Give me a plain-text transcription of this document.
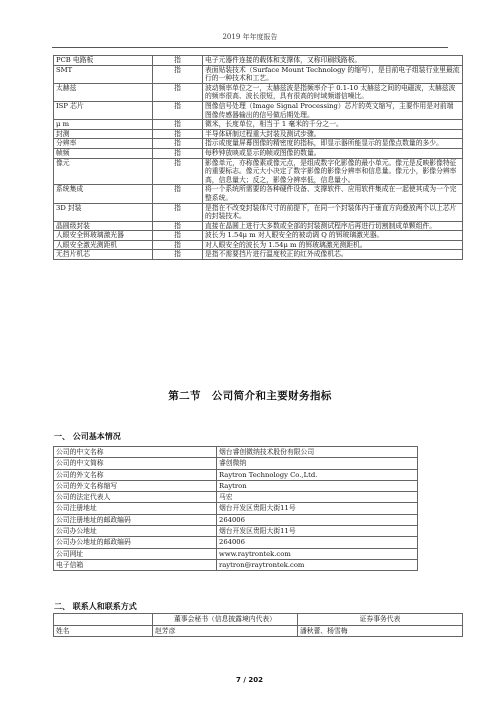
2019 年年度报告
PCB 电路板	指	电子元器件连接的载体和支撑体，又称印刷线路板。
SMT	指	表面贴装技术（Surface Mount Technology 的缩写），是目前电子组装行业里最流行的一种技术和工艺。
太赫兹	指	波动频率单位之一，太赫兹波是指频率介于 0.1-10 太赫兹之间的电磁波，太赫兹波的频率很高、波长很短，具有很高的时域频谱信噪比。
ISP 芯片	指	图像信号处理（Image Signal Processing）芯片的英文缩写，主要作用是对前端图像传感器输出的信号做后期处理。
μ m	指	微米，长度单位，相当于 1 毫米的千分之一。
封测	指	半导体研制过程重大封装及测试步骤。
分辨率	指	指示或度量屏幕图像的精密度的指标，即显示器所能显示的显像点数量的多少。
帧频	指	每秒钟放映或显示的帧或图像的数量。
像元	指	影像单元，亦称像素或像元点，是组成数字化影像的最小单元。像元是反映影像特征的重要标志。像元大小决定了数字影像的影像分辨率和信息量。像元小，影像分辨率高，信息量大；反之，影像分辨率低，信息量小。
系统集成	指	将一个系统所需要的各种硬件设备、支撑软件、应用软件集成在一起使其成为一个完整系统。
3D 封装	指	是指在不改变封装体尺寸的前提下，在同一个封装体内于垂直方向叠放两个以上芯片的封装技术。
晶圆级封装	指	直接在晶圆上进行大多数或全部的封装测试程序后再进行切割制成单颗组件。
人眼安全铒玻璃激光器	指	波长为 1.54μ m 对人眼安全的被动调 Q 的铒玻璃激光器。
人眼安全激光测距机	指	对人眼安全的波长为 1.54μ m 的铒玻璃激光测距机。
无挡片机芯	指	是指不需要挡片进行温度校正的红外成像机芯。
第二节　公司简介和主要财务指标
一、 公司基本情况
公司的中文名称	烟台睿创微纳技术股份有限公司
公司的中文简称	睿创微纳
公司的外文名称	Raytron Technology Co.,Ltd.
公司的外文名称缩写	Raytron
公司的法定代表人	马宏
公司注册地址	烟台开发区贵阳大街11号
公司注册地址的邮政编码	264006
公司办公地址	烟台开发区贵阳大街11号
公司办公地址的邮政编码	264006
公司网址	www.raytrontek.com
电子信箱	raytron@raytrontek.com
二、 联系人和联系方式
	董事会秘书（信息披露境内代表）	证券事务代表
姓名	赵芳彦	潘秋蕾、杨雪梅
7 / 202
